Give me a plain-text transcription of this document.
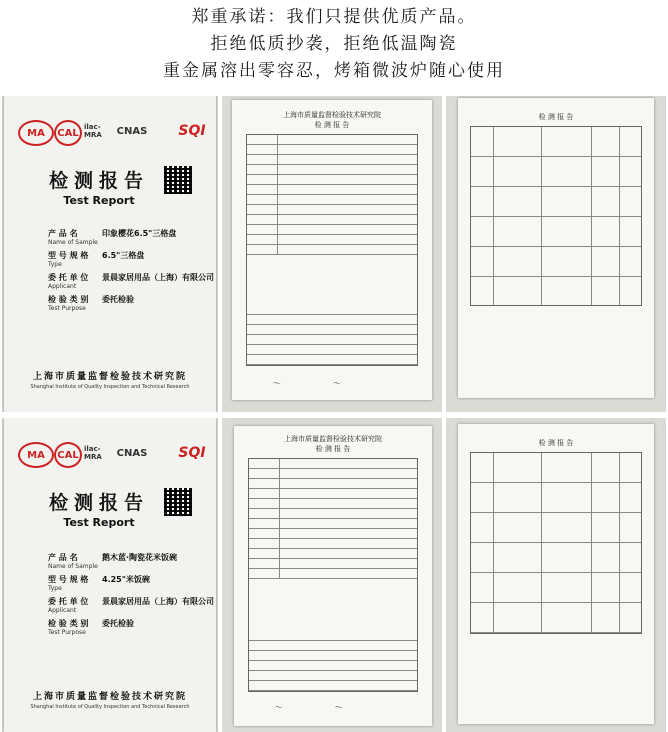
郑重承诺：我们只提供优质产品。
拒绝低质抄袭，拒绝低温陶瓷
重金属溶出零容忍，烤箱微波炉随心使用
MA	CAL
ilac-MRA	CNAS	SQI
检测报告
Test Report
产 品 名
Name of Sample
印象樱花6.5"三格盘
型 号 规 格
Type
6.5"三格盘
委 托 单 位
Applicant
景晨家居用品（上海）有限公司
检 验 类 别
Test Purpose
委托检验
上海市质量监督检验技术研究院
Shanghai Institute of Quality Inspection and Technical Research
上海市质量监督检验技术研究院
检 测 报 告
～	～
检 测 报 告
MA	CAL
ilac-MRA	CNAS	SQI
检测报告
Test Report
产 品 名
Name of Sample
鹅木蓝·陶瓷花米饭碗
型 号 规 格
Type
4.25"米饭碗
委 托 单 位
Applicant
景晨家居用品（上海）有限公司
检 验 类 别
Test Purpose
委托检验
上海市质量监督检验技术研究院
Shanghai Institute of Quality Inspection and Technical Research
上海市质量监督检验技术研究院
检 测 报 告
～	～
检 测 报 告
